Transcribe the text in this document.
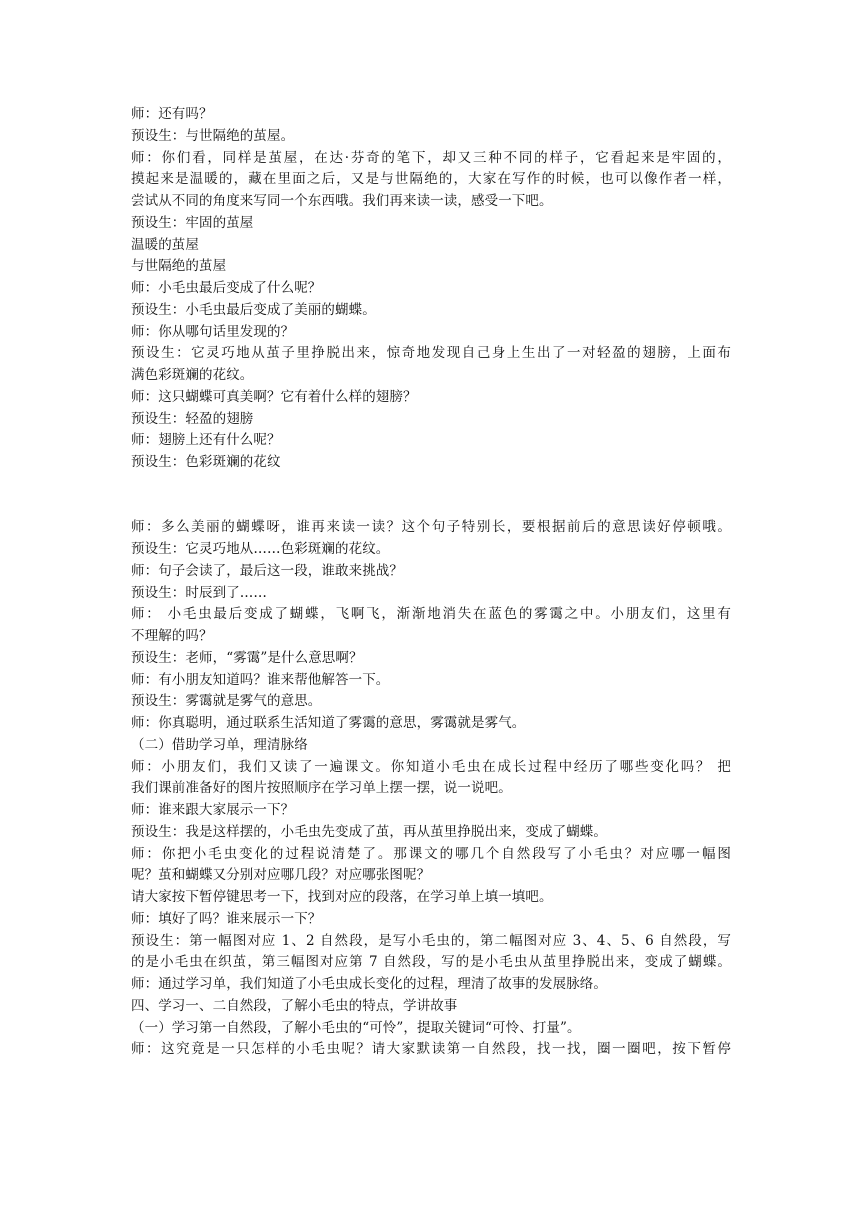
师：还有吗？
预设生：与世隔绝的茧屋。
师：你们看，同样是茧屋，在达·芬奇的笔下，却又三种不同的样子，它看起来是牢固的，
摸起来是温暖的，藏在里面之后，又是与世隔绝的，大家在写作的时候，也可以像作者一样，
尝试从不同的角度来写同一个东西哦。我们再来读一读，感受一下吧。
预设生：牢固的茧屋
温暖的茧屋
与世隔绝的茧屋
师：小毛虫最后变成了什么呢？
预设生：小毛虫最后变成了美丽的蝴蝶。
师：你从哪句话里发现的？
预设生：它灵巧地从茧子里挣脱出来，惊奇地发现自己身上生出了一对轻盈的翅膀，上面布
满色彩斑斓的花纹。
师：这只蝴蝶可真美啊？它有着什么样的翅膀？
预设生：轻盈的翅膀
师：翅膀上还有什么呢？
预设生：色彩斑斓的花纹
师：多么美丽的蝴蝶呀，谁再来读一读？这个句子特别长，要根据前后的意思读好停顿哦。
预设生：它灵巧地从……色彩斑斓的花纹。
师：句子会读了，最后这一段，谁敢来挑战？
预设生：时辰到了……
师： 小毛虫最后变成了蝴蝶，飞啊飞，渐渐地消失在蓝色的雾霭之中。小朋友们，这里有
不理解的吗？
预设生：老师，“雾霭”是什么意思啊？
师：有小朋友知道吗？谁来帮他解答一下。
预设生：雾霭就是雾气的意思。
师：你真聪明，通过联系生活知道了雾霭的意思，雾霭就是雾气。
（二）借助学习单，理清脉络
师：小朋友们，我们又读了一遍课文。你知道小毛虫在成长过程中经历了哪些变化吗？ 把
我们课前准备好的图片按照顺序在学习单上摆一摆，说一说吧。
师：谁来跟大家展示一下？
预设生：我是这样摆的，小毛虫先变成了茧，再从茧里挣脱出来，变成了蝴蝶。
师：你把小毛虫变化的过程说清楚了。那课文的哪几个自然段写了小毛虫？对应哪一幅图
呢？茧和蝴蝶又分别对应哪几段？对应哪张图呢？
请大家按下暂停键思考一下，找到对应的段落，在学习单上填一填吧。
师：填好了吗？谁来展示一下？
预设生：第一幅图对应 1、2 自然段，是写小毛虫的，第二幅图对应 3、4、5、6 自然段，写
的是小毛虫在织茧，第三幅图对应第 7 自然段，写的是小毛虫从茧里挣脱出来，变成了蝴蝶。
师：通过学习单，我们知道了小毛虫成长变化的过程，理清了故事的发展脉络。
四、学习一、二自然段，了解小毛虫的特点，学讲故事
（一）学习第一自然段，了解小毛虫的“可怜”，提取关键词“可怜、打量”。
师：这究竟是一只怎样的小毛虫呢？请大家默读第一自然段，找一找，圈一圈吧，按下暂停
